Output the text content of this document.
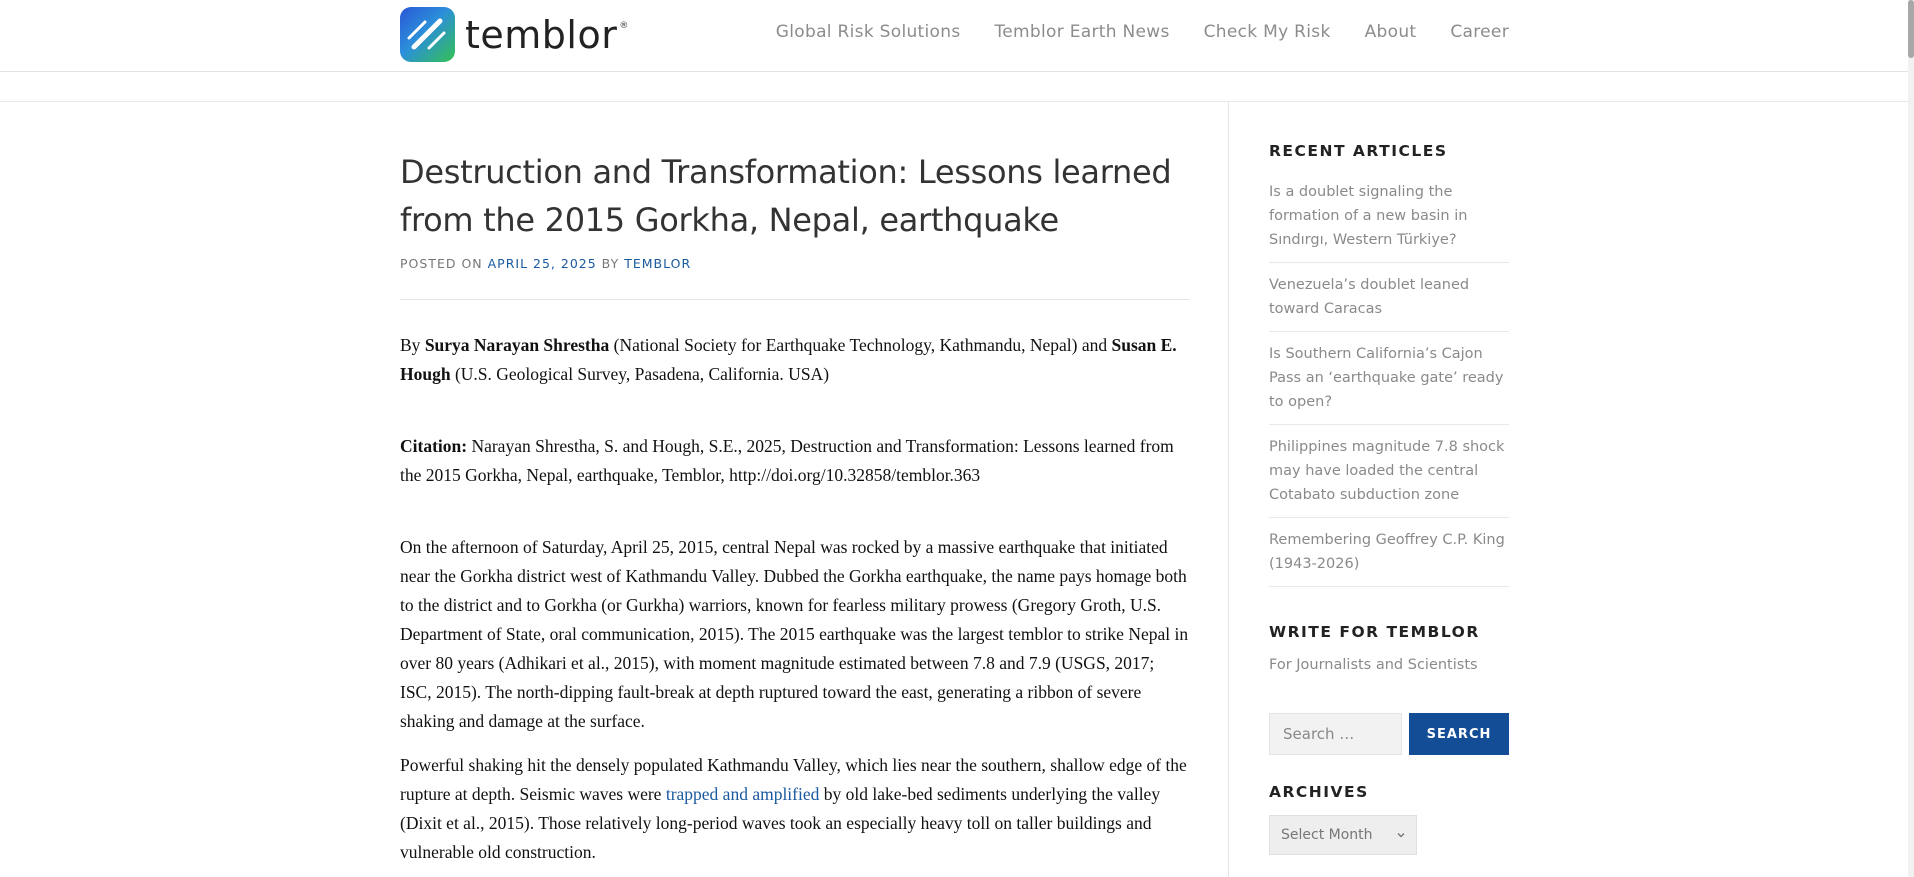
temblor ®	Global Risk Solutions Temblor Earth News Check My Risk About Career
Destruction and Transformation: Lessons learned from the 2015 Gorkha, Nepal, earthquake
POSTED ON APRIL 25, 2025 BY TEMBLOR

By Surya Narayan Shrestha (National Society for Earthquake Technology, Kathmandu, Nepal) and Susan E. Hough (U.S. Geological Survey, Pasadena, California. USA)

Citation: Narayan Shrestha, S. and Hough, S.E., 2025, Destruction and Transformation: Lessons learned from the 2015 Gorkha, Nepal, earthquake, Temblor, http://doi.org/10.32858/temblor.363

On the afternoon of Saturday, April 25, 2015, central Nepal was rocked by a massive earthquake that initiated near the Gorkha district west of Kathmandu Valley. Dubbed the Gorkha earthquake, the name pays homage both to the district and to Gorkha (or Gurkha) warriors, known for fearless military prowess (Gregory Groth, U.S. Department of State, oral communication, 2015). The 2015 earthquake was the largest temblor to strike Nepal in over 80 years (Adhikari et al., 2015), with moment magnitude estimated between 7.8 and 7.9 (USGS, 2017; ISC, 2015). The north-dipping fault-break at depth ruptured toward the east, generating a ribbon of severe shaking and damage at the surface.

Powerful shaking hit the densely populated Kathmandu Valley, which lies near the southern, shallow edge of the rupture at depth. Seismic waves were trapped and amplified by old lake-bed sediments underlying the valley (Dixit et al., 2015). Those relatively long-period waves took an especially heavy toll on taller buildings and vulnerable old construction.

RECENT ARTICLES
Is a doublet signaling the formation of a new basin in Sındırgı, Western Türkiye?
Venezuela’s doublet leaned toward Caracas
Is Southern California’s Cajon Pass an ‘earthquake gate’ ready to open?
Philippines magnitude 7.8 shock may have loaded the central Cotabato subduction zone
Remembering Geoffrey C.P. King (1943-2026)
WRITE FOR TEMBLOR
For Journalists and Scientists
Search …
SEARCH
ARCHIVES
Select Month
